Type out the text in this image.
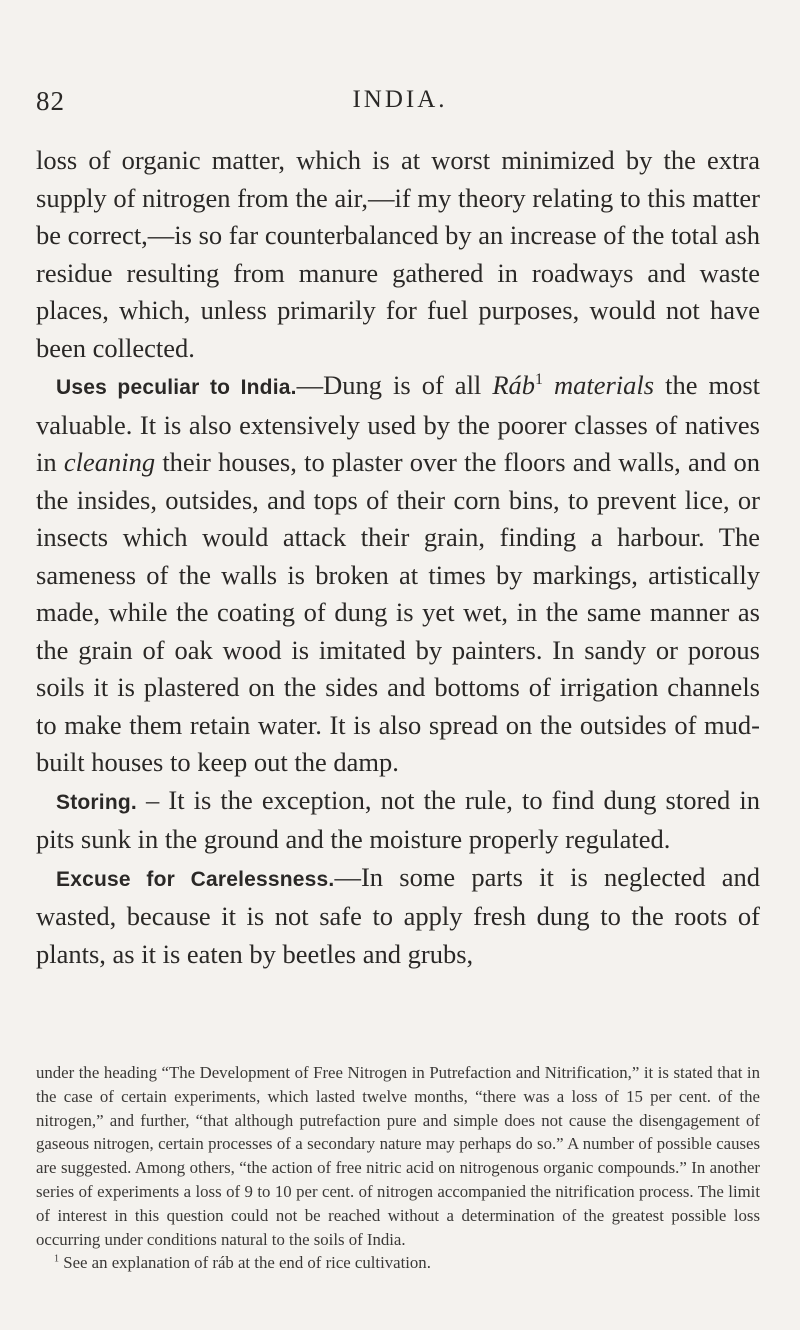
82	INDIA.

loss of organic matter, which is at worst minimized by the extra supply of nitrogen from the air,—if my theory relating to this matter be correct,—is so far counterbalanced by an increase of the total ash residue resulting from manure gathered in roadways and waste places, which, unless primarily for fuel purposes, would not have been collected.

Uses peculiar to India.—Dung is of all Ráb$^1$ materials the most valuable. It is also extensively used by the poorer classes of natives in cleaning their houses, to plaster over the floors and walls, and on the insides, outsides, and tops of their corn bins, to prevent lice, or insects which would attack their grain, finding a harbour. The sameness of the walls is broken at times by markings, artistically made, while the coating of dung is yet wet, in the same manner as the grain of oak wood is imitated by painters. In sandy or porous soils it is plastered on the sides and bottoms of irrigation channels to make them retain water. It is also spread on the outsides of mud-built houses to keep out the damp.

Storing. – It is the exception, not the rule, to find dung stored in pits sunk in the ground and the moisture properly regulated.

Excuse for Carelessness.—In some parts it is neglected and wasted, because it is not safe to apply fresh dung to the roots of plants, as it is eaten by beetles and grubs,

under the heading “The Development of Free Nitrogen in Putrefaction and Nitrification,” it is stated that in the case of certain experiments, which lasted twelve months, “there was a loss of 15 per cent. of the nitrogen,” and further, “that although putrefaction pure and simple does not cause the disengagement of gaseous nitrogen, certain processes of a secondary nature may perhaps do so.” A number of possible causes are suggested. Among others, “the action of free nitric acid on nitrogenous organic compounds.” In another series of experiments a loss of 9 to 10 per cent. of nitrogen accompanied the nitrification process. The limit of interest in this question could not be reached without a determination of the greatest possible loss occurring under conditions natural to the soils of India.

$^1$ See an explanation of ráb at the end of rice cultivation.
